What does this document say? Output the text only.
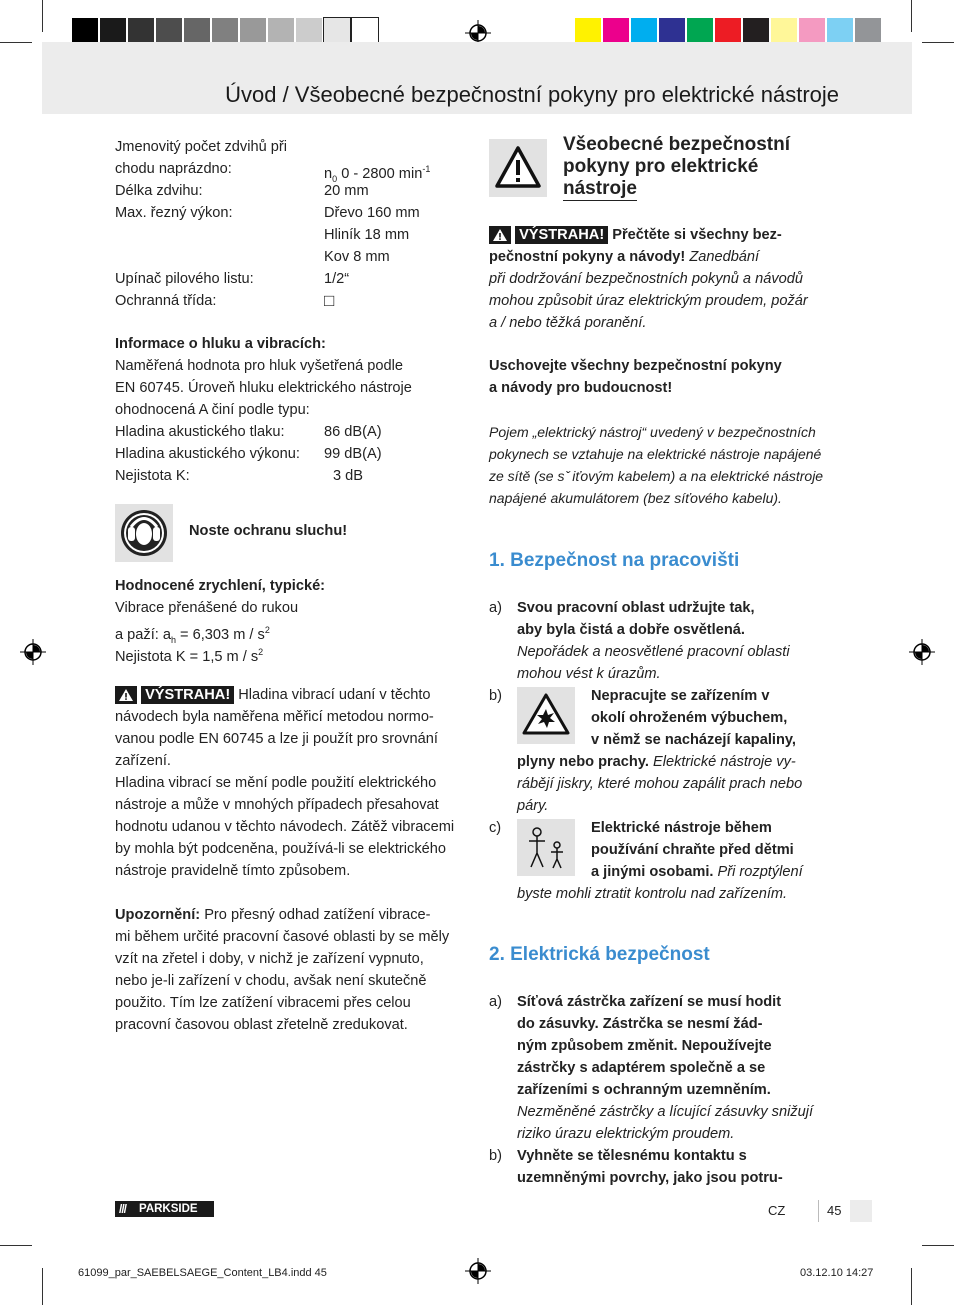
Úvod / Všeobecné bezpečnostní pokyny pro elektrické nástroje
Jmenovitý počet zdvihů při
chodu naprázdno:	$n_0$ 0 - 2800 $\min^{-1}$
Délka zdvihu:	20 mm
Max. řezný výkon:	Dřevo 160 mm
Hliník 18 mm
Kov 8 mm
Upínač pilového listu:	1/2“
Ochranná třída:	□
Informace o hluku a vibracích:
Naměřená hodnota pro hluk vyšetřená podle
EN 60745. Úroveň hluku elektrického nástroje
ohodnocená A činí podle typu:
Hladina akustického tlaku:	86 dB(A)
Hladina akustického výkonu: 99 dB(A)
Nejistota K:	3 dB
Noste ochranu sluchu!
Hodnocené zrychlení, typické:
Vibrace přenášené do rukou
a paží: $a_h = 6,303$ m / $s^2$
Nejistota K = 1,5 m / $s^2$
VÝSTRAHA! Hladina vibrací udaní v těchto
návodech byla naměřena měřicí metodou normo-
vanou podle EN 60745 a lze ji použít pro srovnání
zařízení.
Hladina vibrací se mění podle použití elektrického
nástroje a může v mnohých případech přesahovat
hodnotu udanou v těchto návodech. Zátěž vibracemi
by mohla být podceněna, používá-li se elektrického
nástroje pravidelně tímto způsobem.
Upozornění: Pro přesný odhad zatížení vibrace-
mi během určité pracovní časové oblasti by se měly
vzít na zřetel i doby, v nichž je zařízení vypnuto,
nebo je-li zařízení v chodu, avšak není skutečně
použito. Tím lze zatížení vibracemi přes celou
pracovní časovou oblast zřetelně zredukovat.
Všeobecné bezpečnostní
pokyny pro elektrické
nástroje
VÝSTRAHA! Přečtěte si všechny bez-
pečnostní pokyny a návody! Zanedbání
při dodržování bezpečnostních pokynů a návodů
mohou způsobit úraz elektrickým proudem, požár
a / nebo těžká poranění.
Uschovejte všechny bezpečnostní pokyny
a návody pro budoucnost!
Pojem „elektrický nástroj“ uvedený v bezpečnostních
pokynech se vztahuje na elektrické nástroje napájené
ze sítě (se s ̌ iťovým kabelem) a na elektrické nástroje
napájené akumulátorem (bez síťového kabelu).
1. Bezpečnost na pracovišti
a) Svou pracovní oblast udržujte tak,
aby byla čistá a dobře osvětlená.
Nepořádek a neosvětlené pracovní oblasti
mohou vést k úrazům.
b)	Nepracujte se zařízením v
okolí ohroženém výbuchem,
v němž se nacházejí kapaliny,
plyny nebo prachy. Elektrické nástroje vy-
rábějí jiskry, které mohou zapálit prach nebo
páry.
c)	Elektrické nástroje během
používání chraňte před dětmi
a jinými osobami. Při rozptýlení
byste mohli ztratit kontrolu nad zařízením.
2. Elektrická bezpečnost
a) Síťová zástrčka zařízení se musí hodit
do zásuvky. Zástrčka se nesmí žád-
ným způsobem změnit. Nepoužívejte
zástrčky s adaptérem společně a se
zařízeními s ochranným uzemněním.
Nezměněné zástrčky a lícující zásuvky snižují
riziko úrazu elektrickým proudem.
b) Vyhněte se tělesnému kontaktu s
uzemněnými povrchy, jako jsou potru-
/// PARKSIDE	CZ	45
61099_par_SAEBELSAEGE_Content_LB4.indd 45	03.12.10 14:27
